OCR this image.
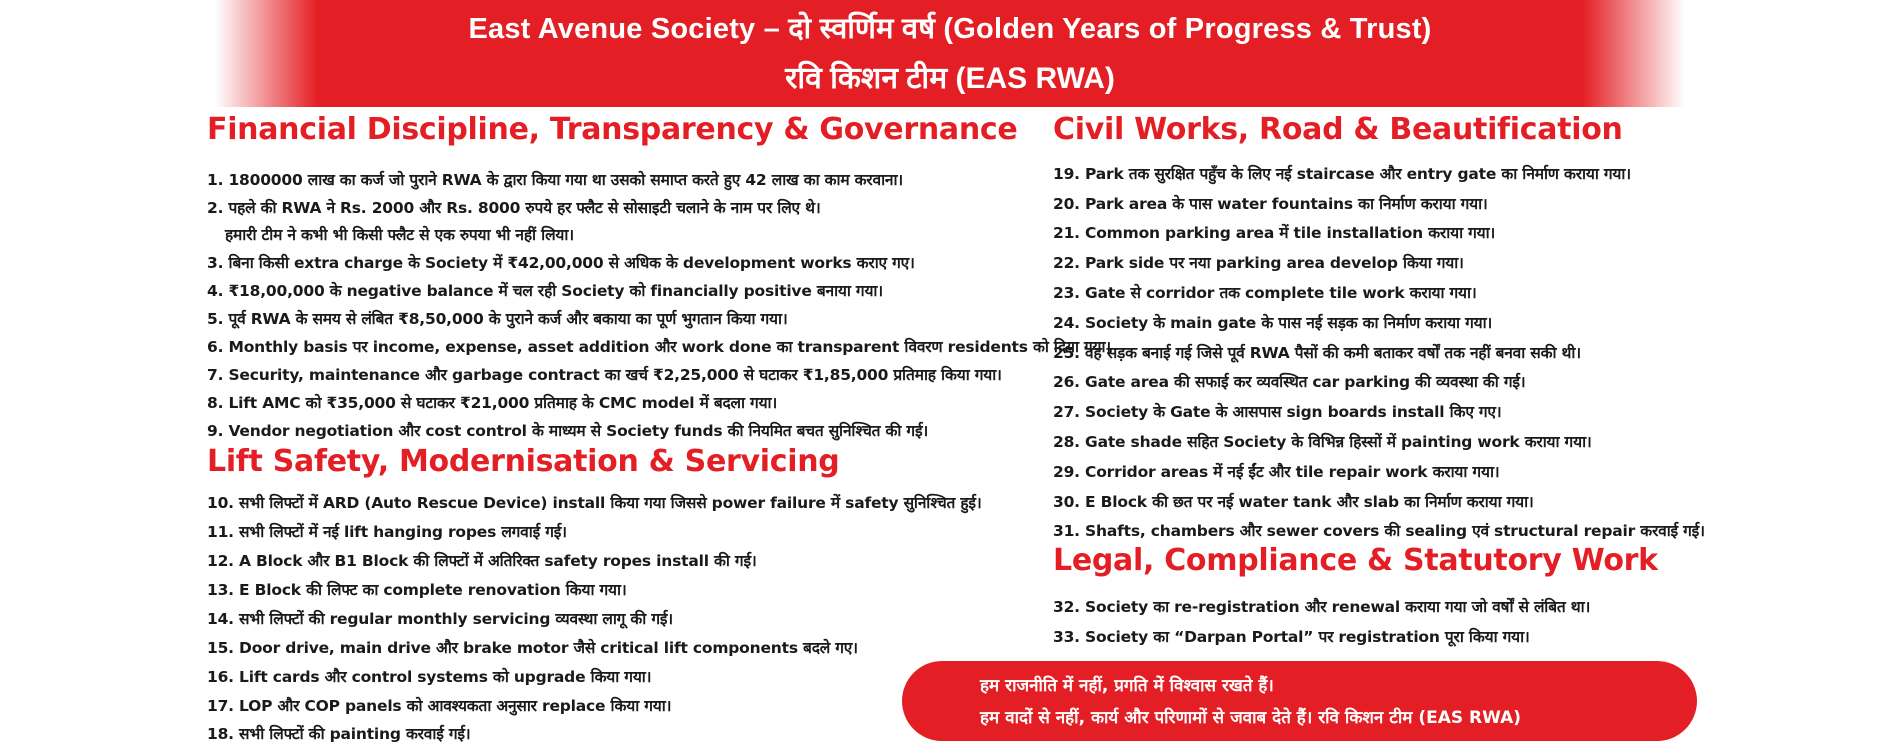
East Avenue Society – दो स्वर्णिम वर्ष (Golden Years of Progress & Trust)
रवि किशन टीम (EAS RWA)
Financial Discipline, Transparency & Governance
1. 1800000 लाख का कर्ज जो पुराने RWA के द्वारा किया गया था उसको समाप्त करते हुए 42 लाख का काम करवाना।
2. पहले की RWA ने Rs. 2000 और Rs. 8000 रुपये हर फ्लैट से सोसाइटी चलाने के नाम पर लिए थे।
हमारी टीम ने कभी भी किसी फ्लैट से एक रुपया भी नहीं लिया।
3. बिना किसी extra charge के Society में ₹42,00,000 से अधिक के development works कराए गए।
4. ₹18,00,000 के negative balance में चल रही Society को financially positive बनाया गया।
5. पूर्व RWA के समय से लंबित ₹8,50,000 के पुराने कर्ज और बकाया का पूर्ण भुगतान किया गया।
6. Monthly basis पर income, expense, asset addition और work done का transparent विवरण residents को दिया गया।
7. Security, maintenance और garbage contract का खर्च ₹2,25,000 से घटाकर ₹1,85,000 प्रतिमाह किया गया।
8. Lift AMC को ₹35,000 से घटाकर ₹21,000 प्रतिमाह के CMC model में बदला गया।
9. Vendor negotiation और cost control के माध्यम से Society funds की नियमित बचत सुनिश्चित की गई।
Lift Safety, Modernisation & Servicing
10. सभी लिफ्टों में ARD (Auto Rescue Device) install किया गया जिससे power failure में safety सुनिश्चित हुई।
11. सभी लिफ्टों में नई lift hanging ropes लगवाई गई।
12. A Block और B1 Block की लिफ्टों में अतिरिक्त safety ropes install की गई।
13. E Block की लिफ्ट का complete renovation किया गया।
14. सभी लिफ्टों की regular monthly servicing व्यवस्था लागू की गई।
15. Door drive, main drive और brake motor जैसे critical lift components बदले गए।
16. Lift cards और control systems को upgrade किया गया।
17. LOP और COP panels को आवश्यकता अनुसार replace किया गया।
18. सभी लिफ्टों की painting करवाई गई।
Civil Works, Road & Beautification
19. Park तक सुरक्षित पहुँच के लिए नई staircase और entry gate का निर्माण कराया गया।
20. Park area के पास water fountains का निर्माण कराया गया।
21. Common parking area में tile installation कराया गया।
22. Park side पर नया parking area develop किया गया।
23. Gate से corridor तक complete tile work कराया गया।
24. Society के main gate के पास नई सड़क का निर्माण कराया गया।
25. वह सड़क बनाई गई जिसे पूर्व RWA पैसों की कमी बताकर वर्षों तक नहीं बनवा सकी थी।
26. Gate area की सफाई कर व्यवस्थित car parking की व्यवस्था की गई।
27. Society के Gate के आसपास sign boards install किए गए।
28. Gate shade सहित Society के विभिन्न हिस्सों में painting work कराया गया।
29. Corridor areas में नई ईंट और tile repair work कराया गया।
30. E Block की छत पर नई water tank और slab का निर्माण कराया गया।
31. Shafts, chambers और sewer covers की sealing एवं structural repair करवाई गई।
Legal, Compliance & Statutory Work
32. Society का re-registration और renewal कराया गया जो वर्षों से लंबित था।
33. Society का “Darpan Portal” पर registration पूरा किया गया।
हम राजनीति में नहीं, प्रगति में विश्वास रखते हैं।
हम वादों से नहीं, कार्य और परिणामों से जवाब देते हैं। रवि किशन टीम (EAS RWA)
